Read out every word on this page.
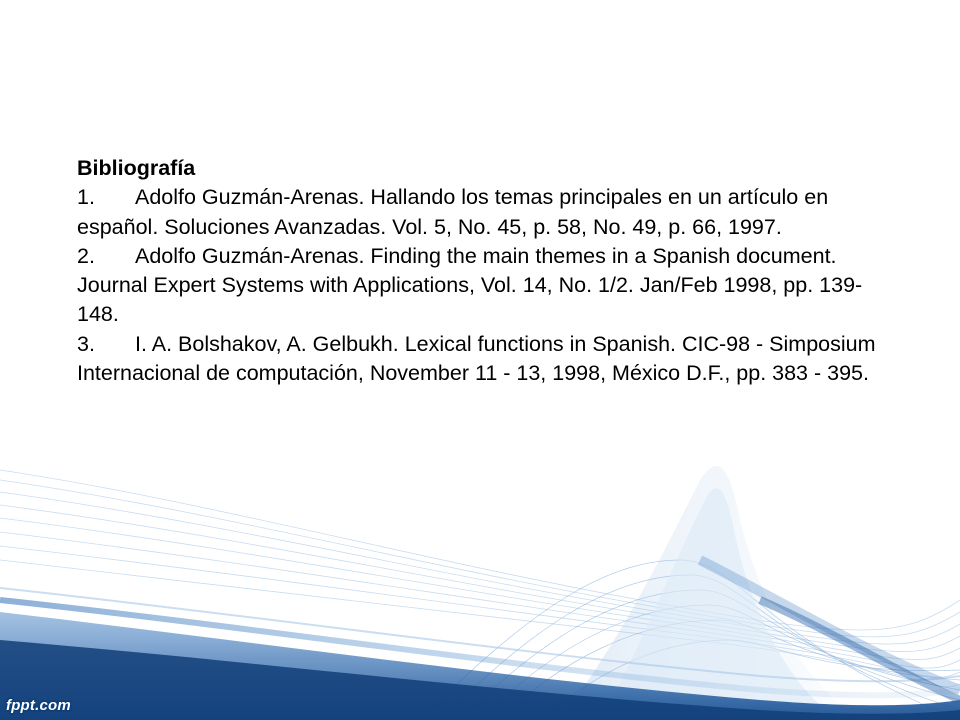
Bibliografía

1. Adolfo Guzmán-Arenas. Hallando los temas principales en un artículo en español. Soluciones Avanzadas. Vol. 5, No. 45, p. 58, No. 49, p. 66, 1997.

2. Adolfo Guzmán-Arenas. Finding the main themes in a Spanish document. Journal Expert Systems with Applications, Vol. 14, No. 1/2. Jan/Feb 1998, pp. 139-148.

3. I. A. Bolshakov, A. Gelbukh. Lexical functions in Spanish. CIC-98 - Simposium Internacional de computación, November 11 - 13, 1998, México D.F., pp. 383 - 395.

fppt.com
